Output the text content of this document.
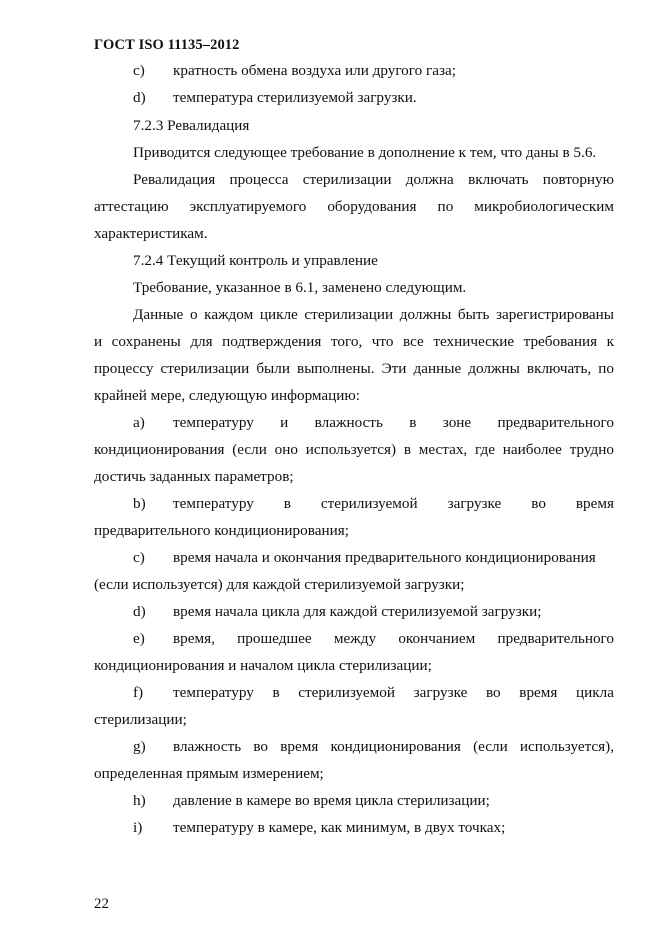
ГОСТ ISO 11135–2012
c) кратность обмена воздуха или другого газа;
d) температура стерилизуемой загрузки.
7.2.3 Ревалидация
Приводится следующее требование в дополнение к тем, что даны в 5.6.
Ревалидация процесса стерилизации должна включать повторную
аттестацию эксплуатируемого оборудования по микробиологическим
характеристикам.
7.2.4 Текущий контроль и управление
Требование, указанное в 6.1, заменено следующим.
Данные о каждом цикле стерилизации должны быть зарегистрированы
и сохранены для подтверждения того, что все технические требования к
процессу стерилизации были выполнены. Эти данные должны включать, по
крайней мере, следующую информацию:
a) температуру и влажность в зоне предварительного
кондиционирования (если оно используется) в местах, где наиболее трудно
достичь заданных параметров;
b) температуру в стерилизуемой загрузке во время
предварительного кондиционирования;
c) время начала и окончания предварительного кондиционирования
(если используется) для каждой стерилизуемой загрузки;
d) время начала цикла для каждой стерилизуемой загрузки;
e) время, прошедшее между окончанием предварительного
кондиционирования и началом цикла стерилизации;
f) температуру в стерилизуемой загрузке во время цикла
стерилизации;
g) влажность во время кондиционирования (если используется),
определенная прямым измерением;
h) давление в камере во время цикла стерилизации;
i) температуру в камере, как минимум, в двух точках;
22
